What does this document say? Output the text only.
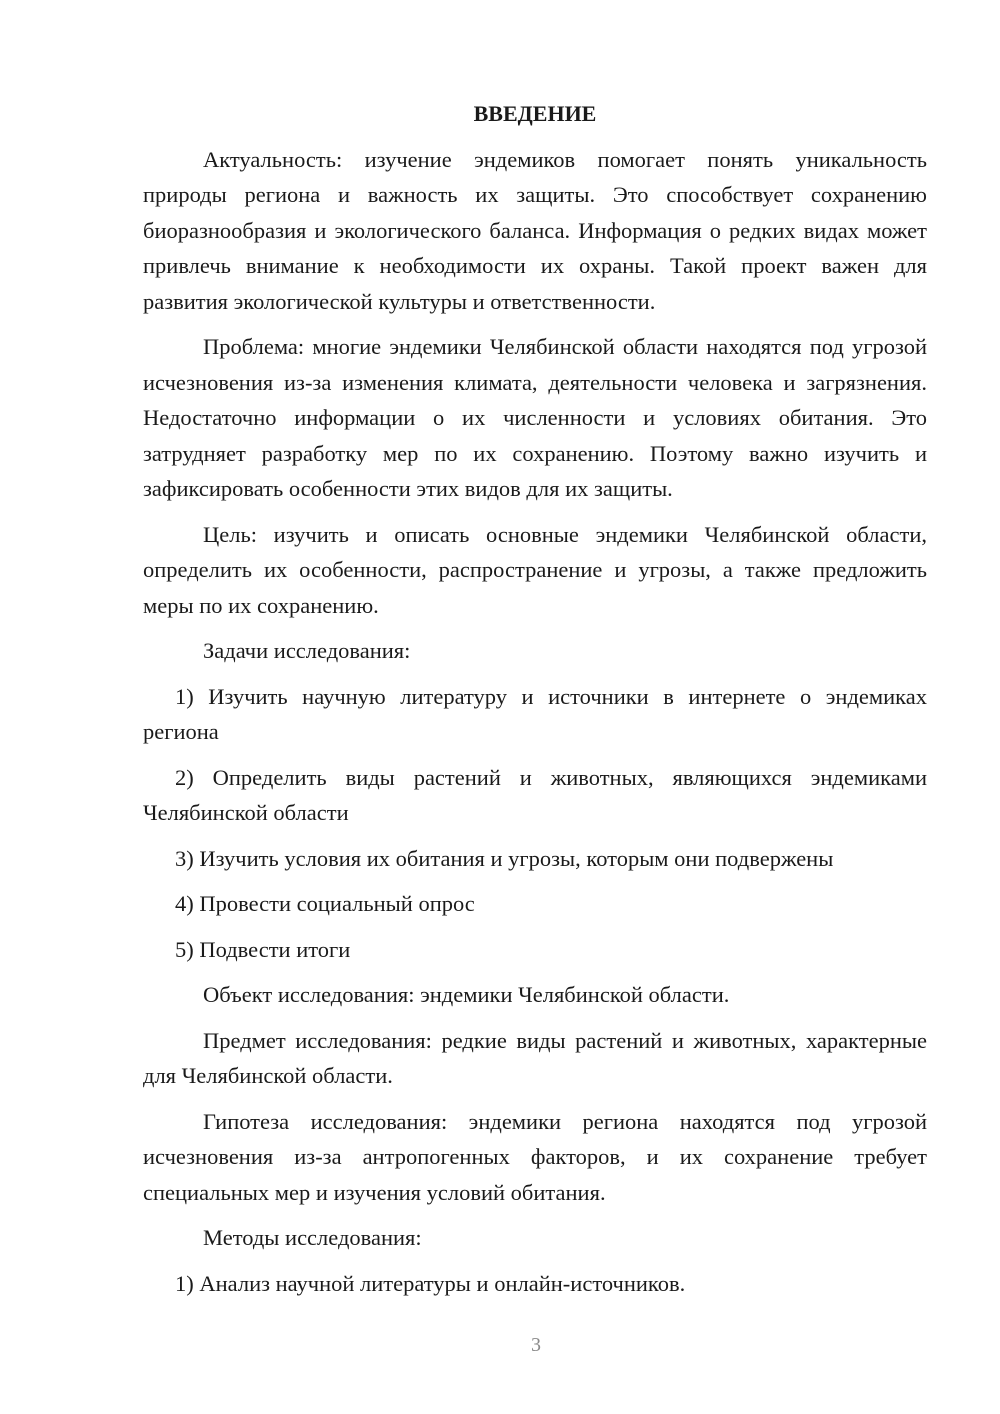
ВВЕДЕНИЕ

Актуальность: изучение эндемиков помогает понять уникальность природы региона и важность их защиты. Это способствует сохранению биоразнообразия и экологического баланса. Информация о редких видах может привлечь внимание к необходимости их охраны. Такой проект важен для развития экологической культуры и ответственности.

Проблема: многие эндемики Челябинской области находятся под угрозой исчезновения из-за изменения климата, деятельности человека и загрязнения. Недостаточно информации о их численности и условиях обитания. Это затрудняет разработку мер по их сохранению. Поэтому важно изучить и зафиксировать особенности этих видов для их защиты.

Цель: изучить и описать основные эндемики Челябинской области, определить их особенности, распространение и угрозы, а также предложить меры по их сохранению.

Задачи исследования:

1) Изучить научную литературу и источники в интернете о эндемиках региона

2) Определить виды растений и животных, являющихся эндемиками Челябинской области

3) Изучить условия их обитания и угрозы, которым они подвержены

4) Провести социальный опрос

5) Подвести итоги

Объект исследования: эндемики Челябинской области.

Предмет исследования: редкие виды растений и животных, характерные для Челябинской области.

Гипотеза исследования: эндемики региона находятся под угрозой исчезновения из-за антропогенных факторов, и их сохранение требует специальных мер и изучения условий обитания.

Методы исследования:

1) Анализ научной литературы и онлайн-источников.

3
